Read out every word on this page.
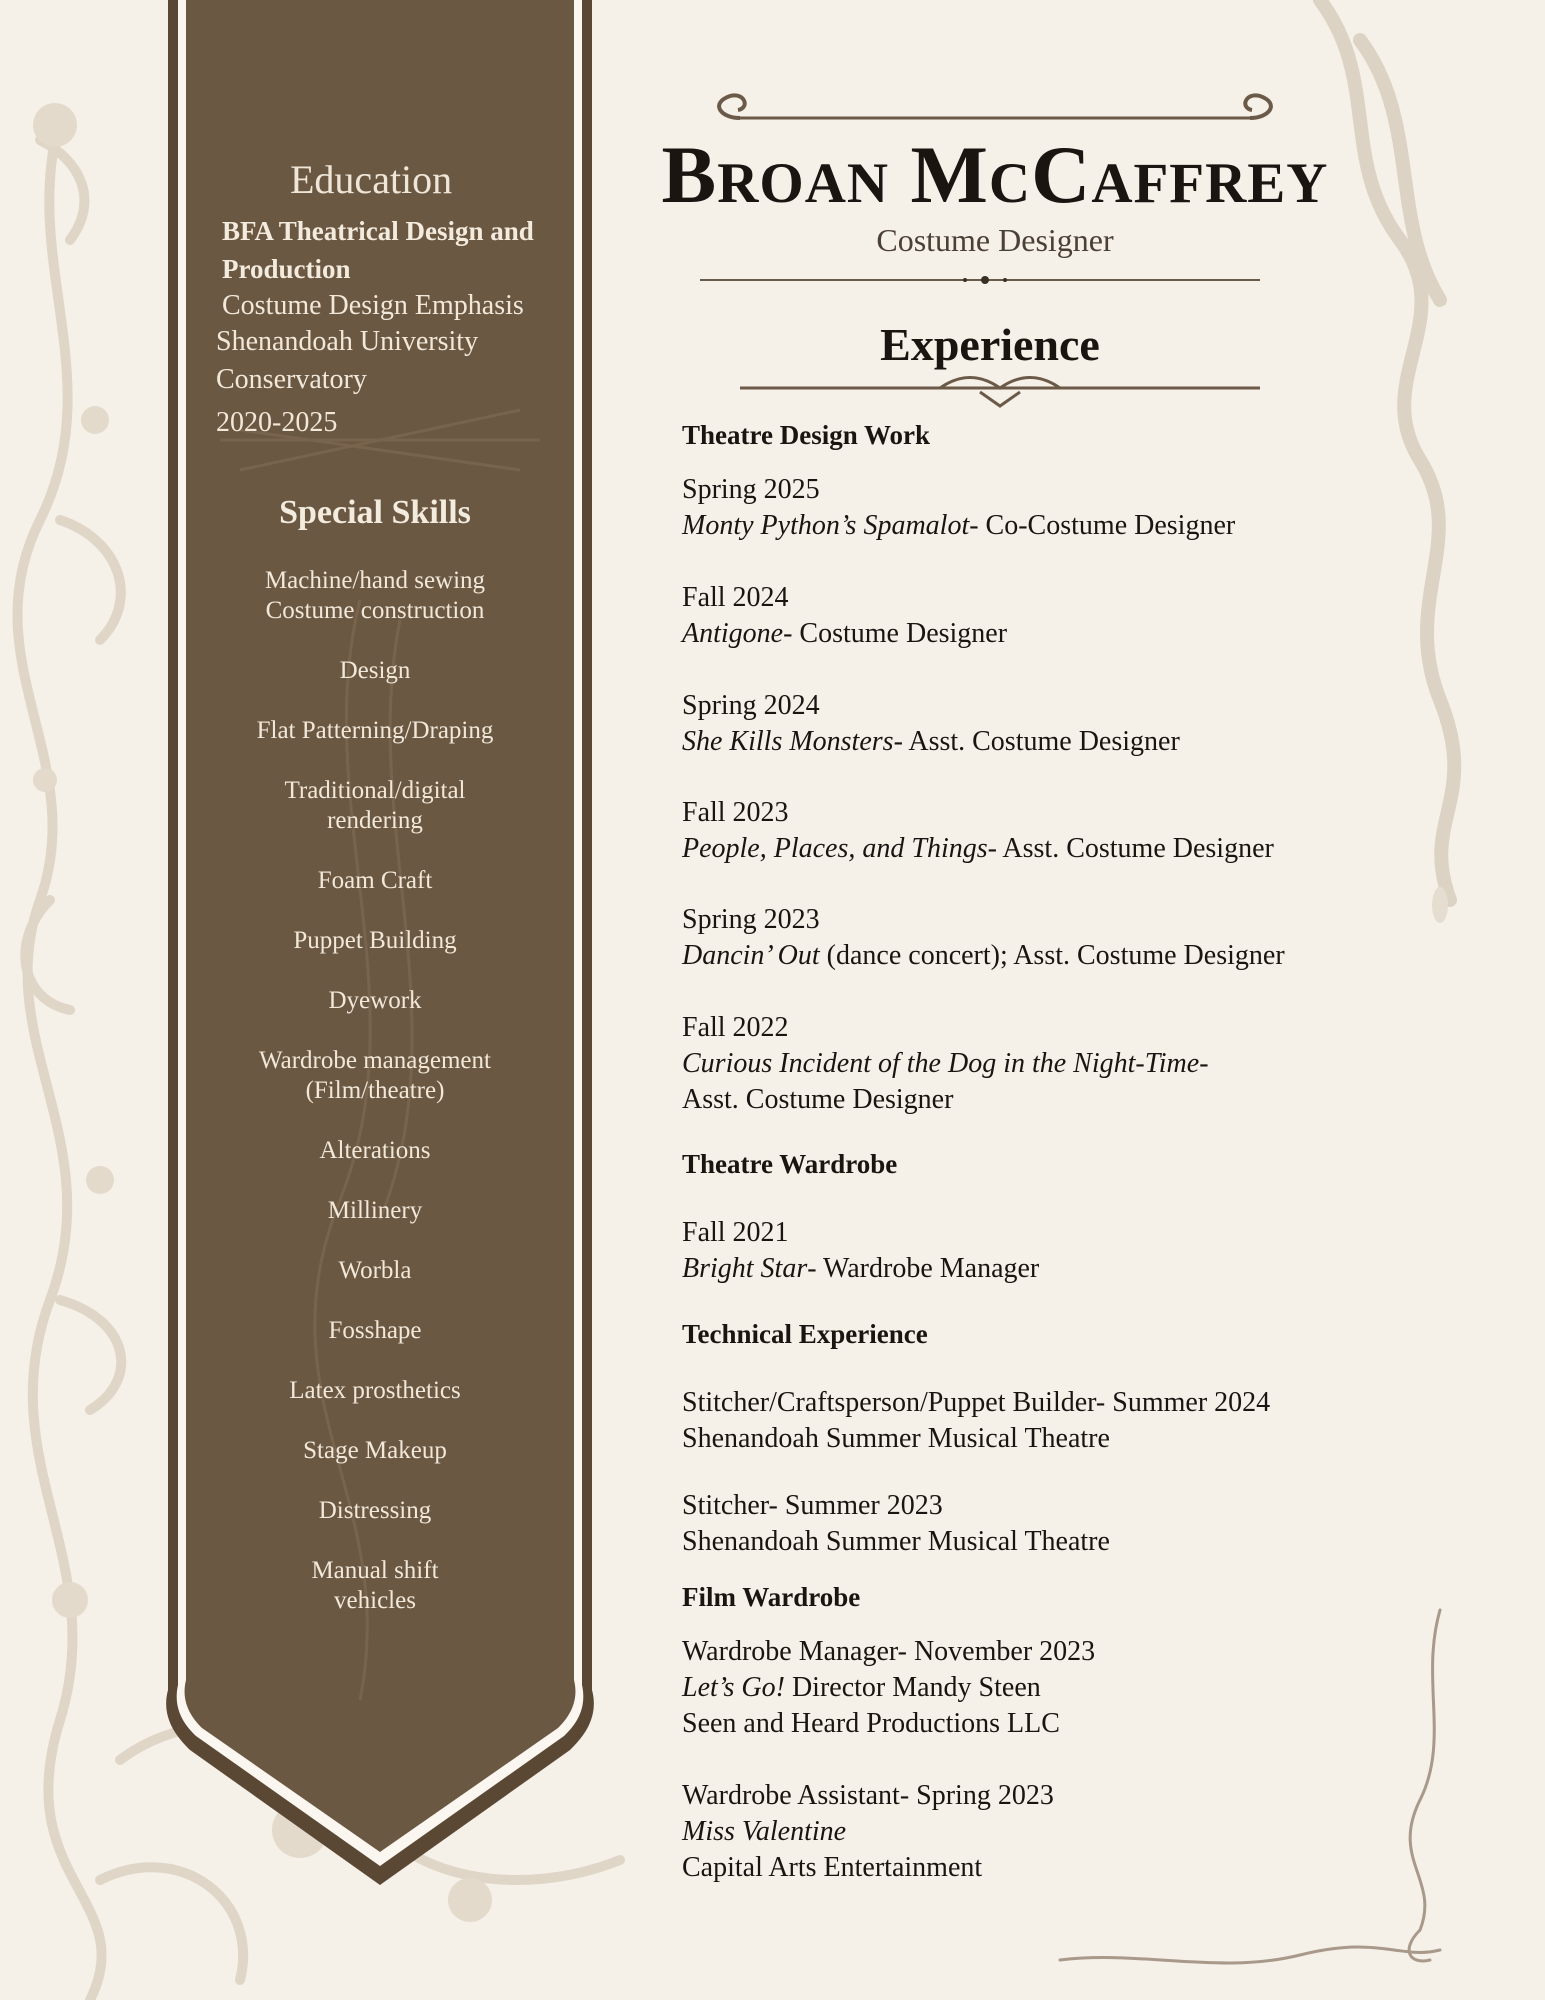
Education
BFA Theatrical Design and Production
Costume Design Emphasis
Shenandoah University
Conservatory
2020-2025
Special Skills
Machine/hand sewing
Costume construction
Design
Flat Patterning/Draping
Traditional/digital
rendering
Foam Craft
Puppet Building
Dyework
Wardrobe management
(Film/theatre)
Alterations
Millinery
Worbla
Fosshape
Latex prosthetics
Stage Makeup
Distressing
Manual shift
vehicles
Broan McCaffrey
Costume Designer
Experience
Theatre Design Work
Spring 2025
Monty Python’s Spamalot- Co-Costume Designer
Fall 2024
Antigone- Costume Designer
Spring 2024
She Kills Monsters- Asst. Costume Designer
Fall 2023
People, Places, and Things- Asst. Costume Designer
Spring 2023
Dancin’ Out (dance concert); Asst. Costume Designer
Fall 2022
Curious Incident of the Dog in the Night-Time-
Asst. Costume Designer
Theatre Wardrobe
Fall 2021
Bright Star- Wardrobe Manager
Technical Experience
Stitcher/Craftsperson/Puppet Builder- Summer 2024
Shenandoah Summer Musical Theatre
Stitcher- Summer 2023
Shenandoah Summer Musical Theatre
Film Wardrobe
Wardrobe Manager- November 2023
Let’s Go! Director Mandy Steen
Seen and Heard Productions LLC
Wardrobe Assistant- Spring 2023
Miss Valentine
Capital Arts Entertainment
